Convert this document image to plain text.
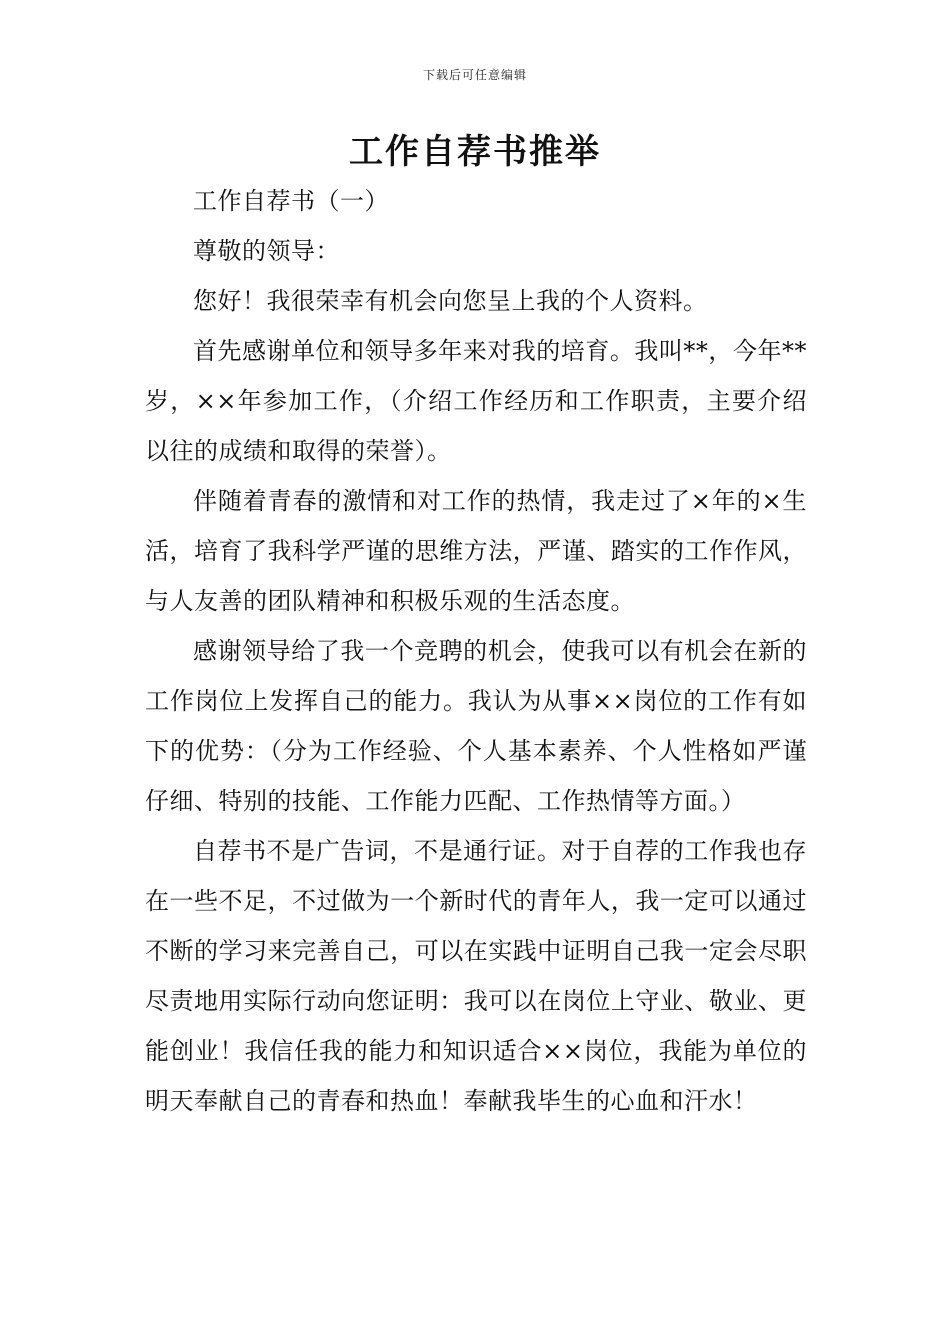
下载后可任意编辑
工作自荐书推举

工作自荐书（一）

尊敬的领导：

您好！我很荣幸有机会向您呈上我的个人资料。

首先感谢单位和领导多年来对我的培育。我叫**，今年**岁，××年参加工作，（介绍工作经历和工作职责，主要介绍以往的成绩和取得的荣誉）。

伴随着青春的激情和对工作的热情，我走过了×年的×生活，培育了我科学严谨的思维方法，严谨、踏实的工作作风，与人友善的团队精神和积极乐观的生活态度。

感谢领导给了我一个竞聘的机会，使我可以有机会在新的工作岗位上发挥自己的能力。我认为从事××岗位的工作有如下的优势：（分为工作经验、个人基本素养、个人性格如严谨仔细、特别的技能、工作能力匹配、工作热情等方面。）

自荐书不是广告词，不是通行证。对于自荐的工作我也存在一些不足，不过做为一个新时代的青年人，我一定可以通过不断的学习来完善自己，可以在实践中证明自己我一定会尽职尽责地用实际行动向您证明：我可以在岗位上守业、敬业、更能创业！我信任我的能力和知识适合××岗位，我能为单位的明天奉献自己的青春和热血！奉献我毕生的心血和汗水！
